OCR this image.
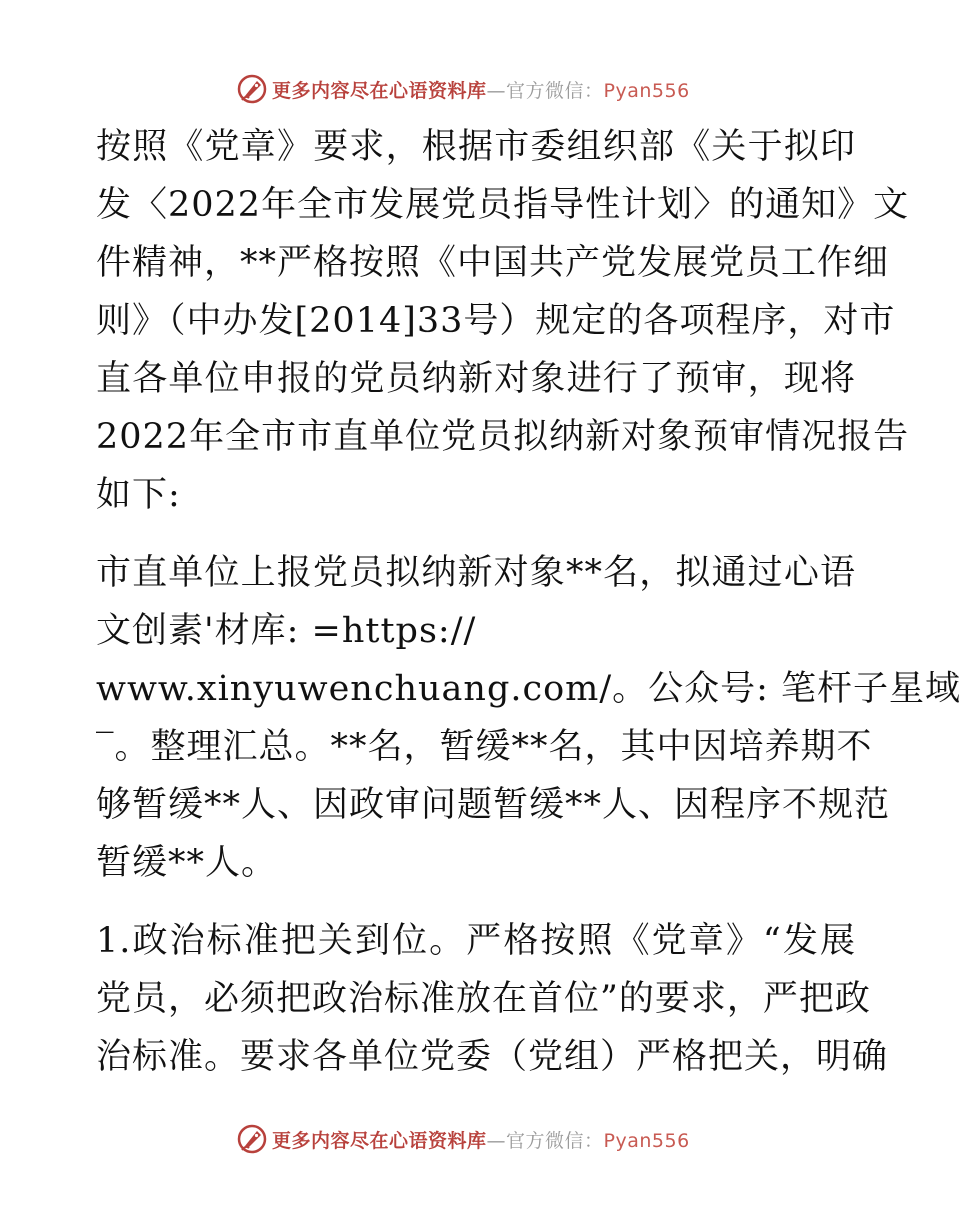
更多内容尽在心语资料库—官方微信：Pyan556
按照《党章》要求，根据市委组织部《关于拟印
发〈2022年全市发展党员指导性计划〉的通知》文
件精神，**严格按照《中国共产党发展党员工作细
则》（中办发[2014]33号）规定的各项程序，对市
直各单位申报的党员纳新对象进行了预审，现将
2022年全市市直单位党员拟纳新对象预审情况报告
如下:
市直单位上报党员拟纳新对象**名，拟通过心语
文创素'材库: =https://
www.xinyuwenchuang.com/。公众号: 笔杆子星域
‾。整理汇总。**名，暂缓**名，其中因培养期不
够暂缓**人、因政审问题暂缓**人、因程序不规范
暂缓**人。
1.政治标准把关到位。严格按照《党章》“发展
党员，必须把政治标准放在首位”的要求，严把政
治标准。要求各单位党委（党组）严格把关，明确
更多内容尽在心语资料库—官方微信：Pyan556
